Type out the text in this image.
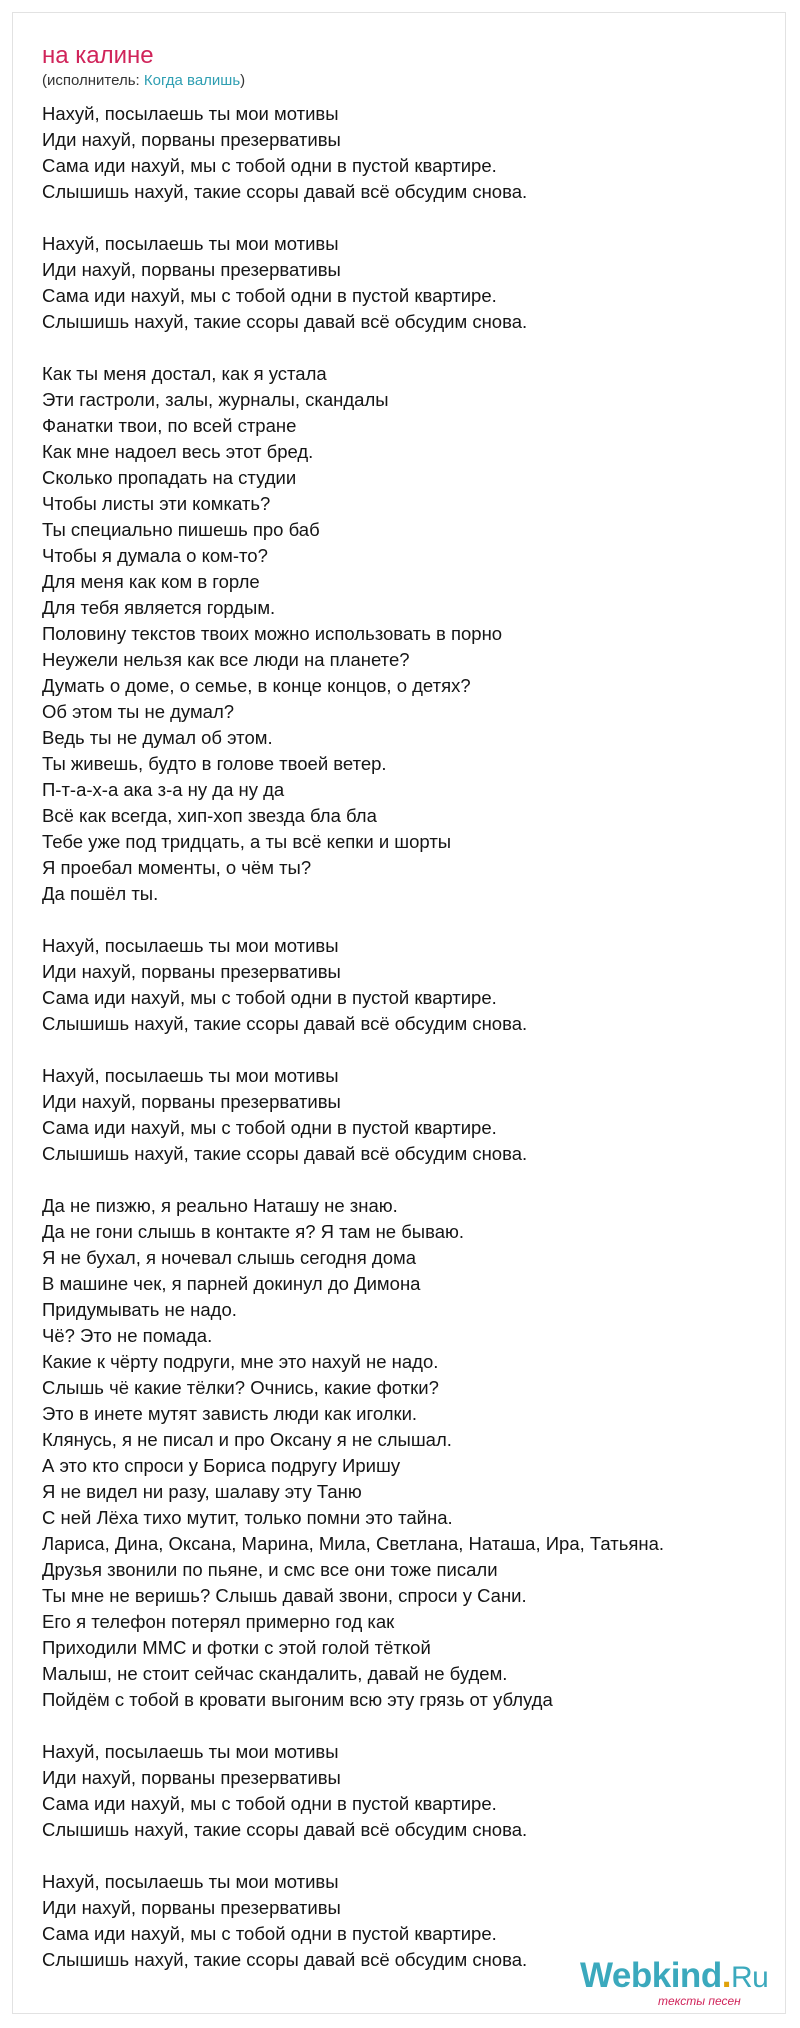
на калине
(исполнитель: Когда валишь)
Нахуй, посылаешь ты мои мотивы
Иди нахуй, порваны презервативы
Сама иди нахуй, мы с тобой одни в пустой квартире.
Слышишь нахуй, такие ссоры давай всё обсудим снова.
Нахуй, посылаешь ты мои мотивы
Иди нахуй, порваны презервативы
Сама иди нахуй, мы с тобой одни в пустой квартире.
Слышишь нахуй, такие ссоры давай всё обсудим снова.
Как ты меня достал, как я устала
Эти гастроли, залы, журналы, скандалы
Фанатки твои, по всей стране
Как мне надоел весь этот бред.
Сколько пропадать на студии
Чтобы листы эти комкать?
Ты специально пишешь про баб
Чтобы я думала о ком-то?
Для меня как ком в горле
Для тебя является гордым.
Половину текстов твоих можно использовать в порно
Неужели нельзя как все люди на планете?
Думать о доме, о семье, в конце концов, о детях?
Об этом ты не думал?
Ведь ты не думал об этом.
Ты живешь, будто в голове твоей ветер.
П-т-а-х-а ака з-а ну да ну да
Всё как всегда, хип-хоп звезда бла бла
Тебе уже под тридцать, а ты всё кепки и шорты
Я проебал моменты, о чём ты?
Да пошёл ты.
Нахуй, посылаешь ты мои мотивы
Иди нахуй, порваны презервативы
Сама иди нахуй, мы с тобой одни в пустой квартире.
Слышишь нахуй, такие ссоры давай всё обсудим снова.
Нахуй, посылаешь ты мои мотивы
Иди нахуй, порваны презервативы
Сама иди нахуй, мы с тобой одни в пустой квартире.
Слышишь нахуй, такие ссоры давай всё обсудим снова.
Да не пизжю, я реально Наташу не знаю.
Да не гони слышь в контакте я? Я там не бываю.
Я не бухал, я ночевал слышь сегодня дома
В машине чек, я парней докинул до Димона
Придумывать не надо.
Чё? Это не помада.
Какие к чёрту подруги, мне это нахуй не надо.
Слышь чё какие тёлки? Очнись, какие фотки?
Это в инете мутят зависть люди как иголки.
Клянусь, я не писал и про Оксану я не слышал.
А это кто спроси у Бориса подругу Иришу
Я не видел ни разу, шалаву эту Таню
С ней Лёха тихо мутит, только помни это тайна.
Лариса, Дина, Оксана, Марина, Мила, Светлана, Наташа, Ира, Татьяна.
Друзья звонили по пьяне, и смс все они тоже писали
Ты мне не веришь? Слышь давай звони, спроси у Сани.
Его я телефон потерял примерно год как
Приходили ММС и фотки с этой голой тёткой
Малыш, не стоит сейчас скандалить, давай не будем.
Пойдём с тобой в кровати выгоним всю эту грязь от ублуда
Нахуй, посылаешь ты мои мотивы
Иди нахуй, порваны презервативы
Сама иди нахуй, мы с тобой одни в пустой квартире.
Слышишь нахуй, такие ссоры давай всё обсудим снова.
Нахуй, посылаешь ты мои мотивы
Иди нахуй, порваны презервативы
Сама иди нахуй, мы с тобой одни в пустой квартире.
Слышишь нахуй, такие ссоры давай всё обсудим снова.	Webkind.Ru
тексты песен
